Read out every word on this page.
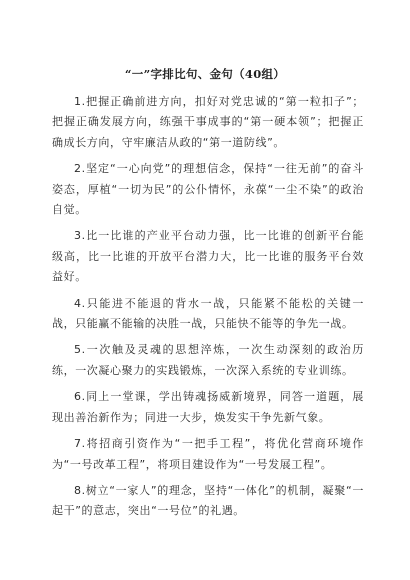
“一”字排比句、金句（40组）

1.把握正确前进方向，扣好对党忠诚的“第一粒扣子”；把握正确发展方向，练强干事成事的“第一硬本领”；把握正确成长方向，守牢廉洁从政的“第一道防线”。

2.坚定“一心向党”的理想信念，保持“一往无前”的奋斗姿态，厚植“一切为民”的公仆情怀，永葆“一尘不染”的政治自觉。

3.比一比谁的产业平台动力强，比一比谁的创新平台能级高，比一比谁的开放平台潜力大，比一比谁的服务平台效益好。

4.只能进不能退的背水一战，只能紧不能松的关键一战，只能赢不能输的决胜一战，只能快不能等的争先一战。

5.一次触及灵魂的思想淬炼，一次生动深刻的政治历练，一次凝心聚力的实践锻炼，一次深入系统的专业训练。

6.同上一堂课，学出铸魂扬威新境界，同答一道题，展现出善治新作为；同进一大步，焕发实干争先新气象。

7.将招商引资作为“一把手工程”，将优化营商环境作为“一号改革工程”，将项目建设作为“一号发展工程”。

8.树立“一家人”的理念，坚持“一体化”的机制，凝聚“一起干”的意志，突出“一号位”的礼遇。
